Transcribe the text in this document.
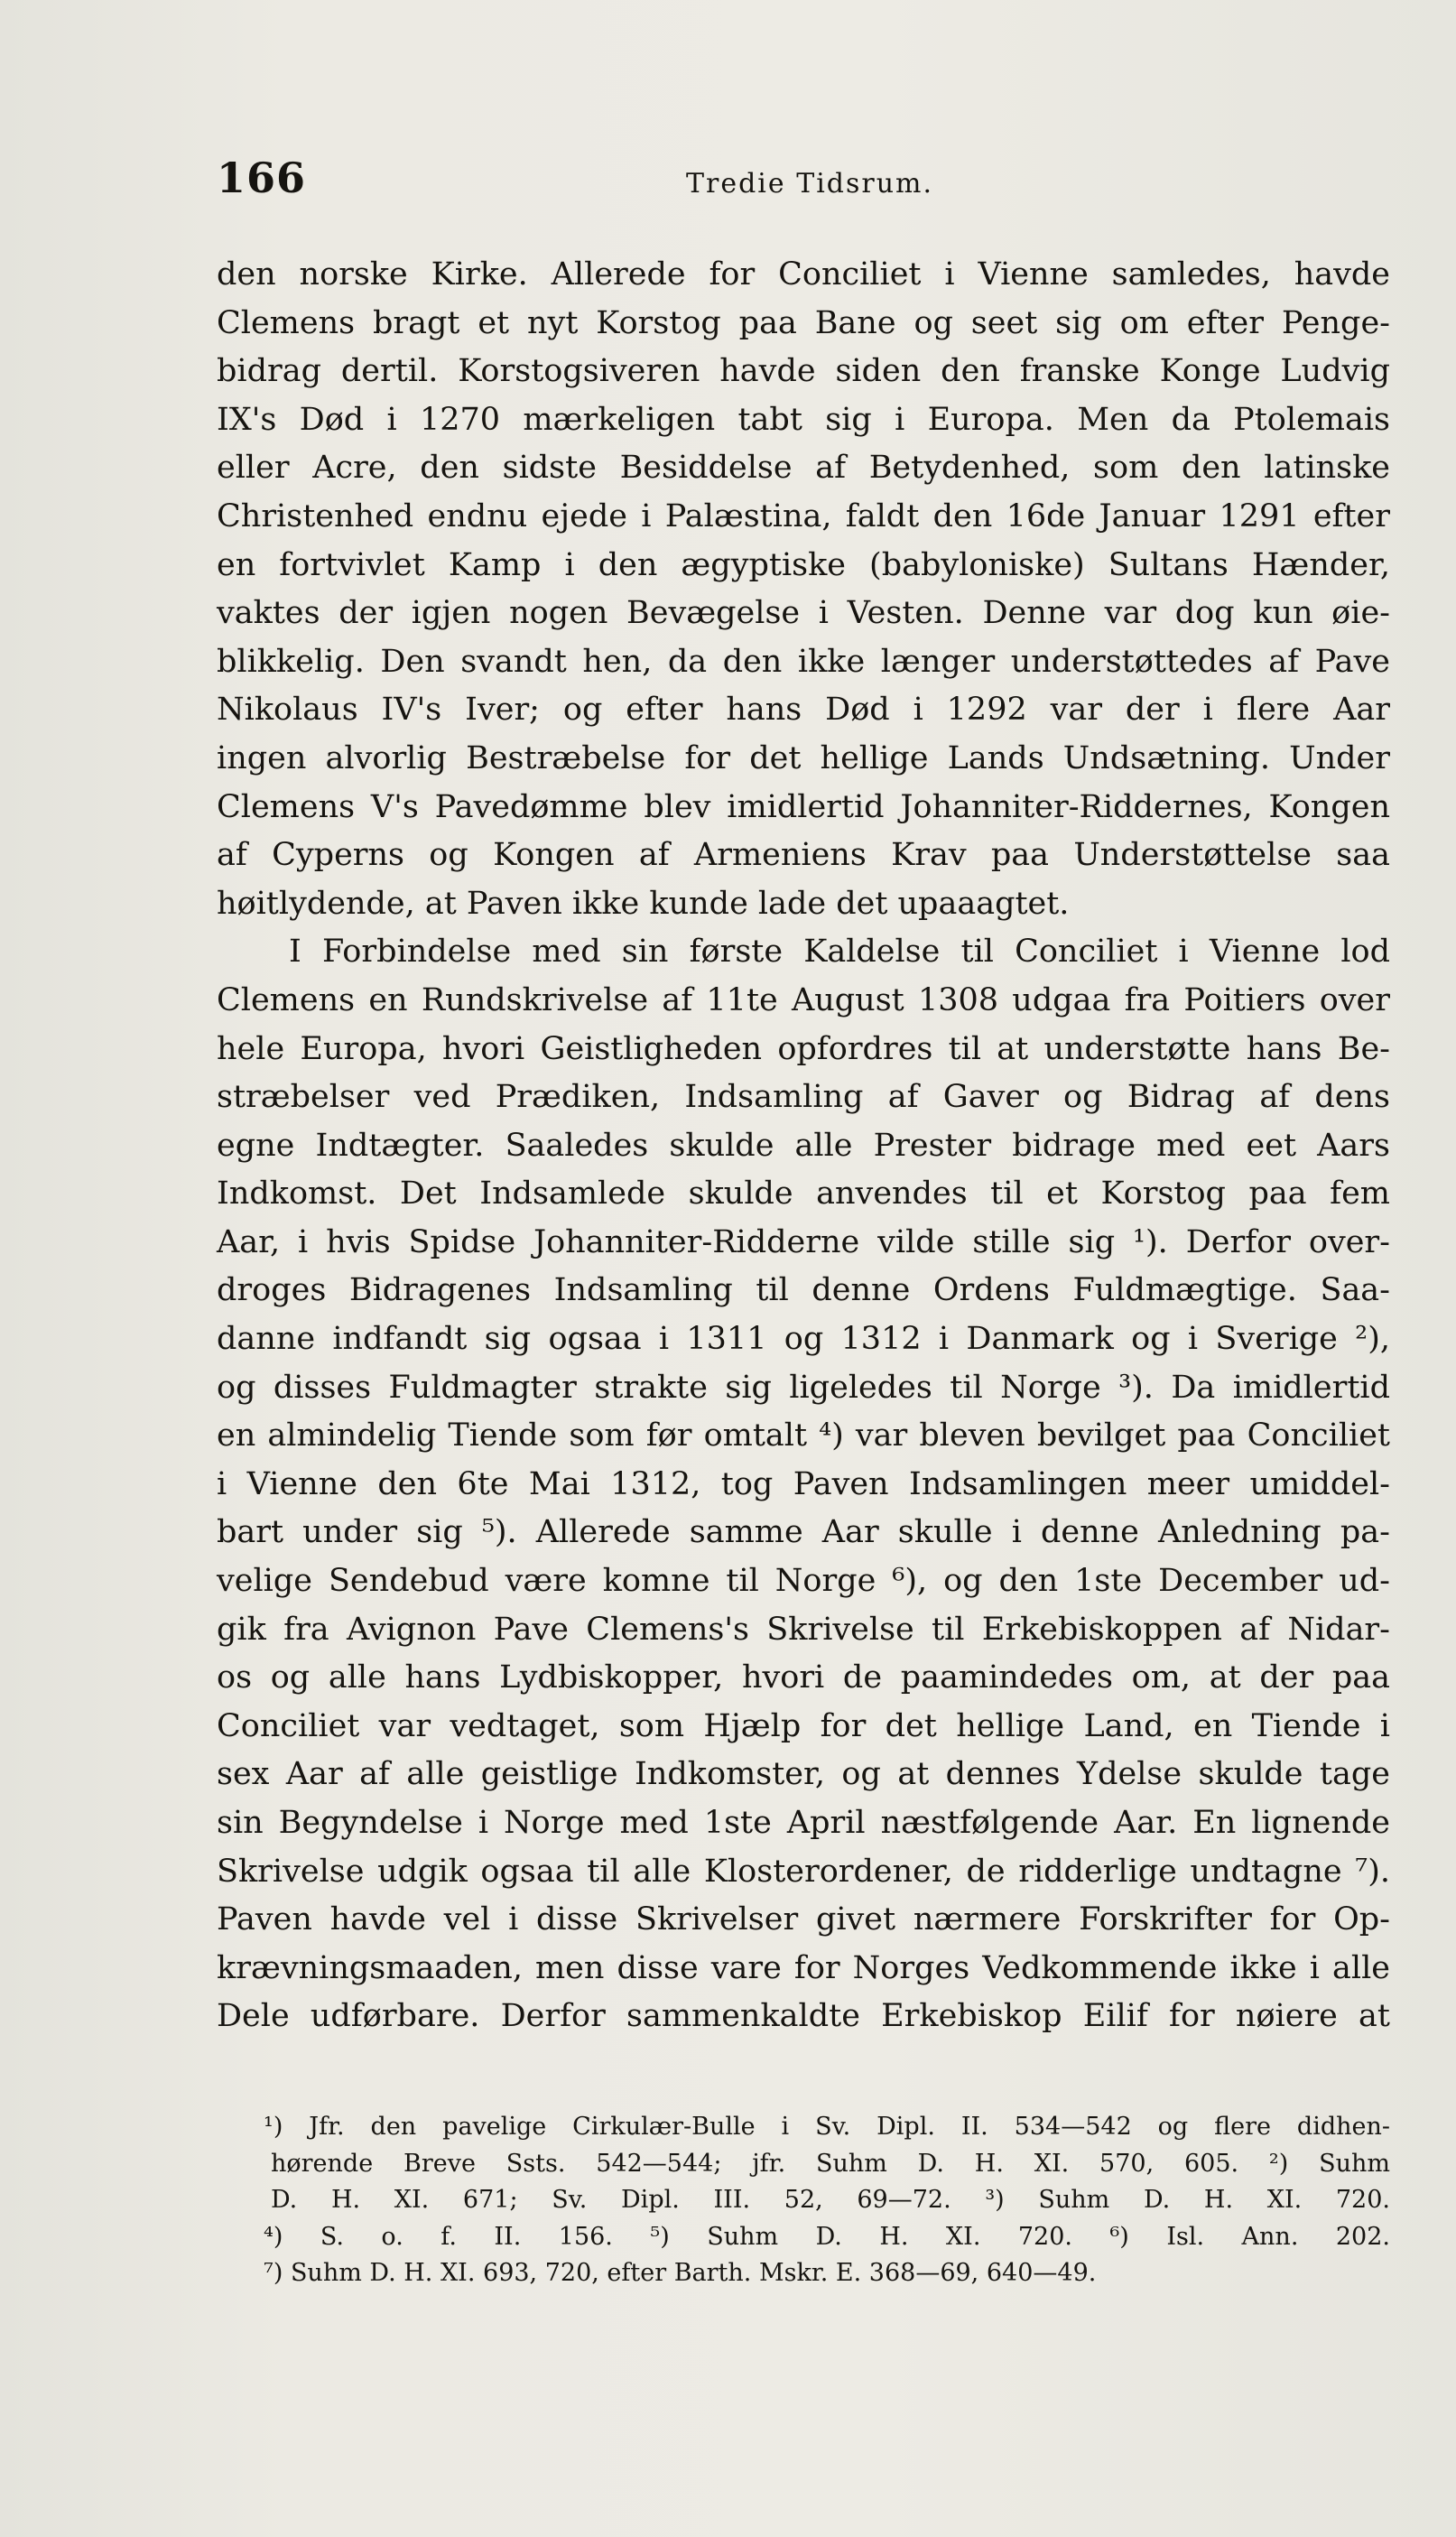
166	Tredie Tidsrum.
den norske Kirke. Allerede for Conciliet i Vienne samledes, havde
Clemens bragt et nyt Korstog paa Bane og seet sig om efter Penge-
bidrag dertil. Korstogsiveren havde siden den franske Konge Ludvig
IX's Død i 1270 mærkeligen tabt sig i Europa. Men da Ptolemais
eller Acre, den sidste Besiddelse af Betydenhed, som den latinske
Christenhed endnu ejede i Palæstina, faldt den 16de Januar 1291 efter
en fortvivlet Kamp i den ægyptiske (babyloniske) Sultans Hænder,
vaktes der igjen nogen Bevægelse i Vesten. Denne var dog kun øie-
blikkelig. Den svandt hen, da den ikke længer understøttedes af Pave
Nikolaus IV's Iver; og efter hans Død i 1292 var der i flere Aar
ingen alvorlig Bestræbelse for det hellige Lands Undsætning. Under
Clemens V's Pavedømme blev imidlertid Johanniter-Riddernes, Kongen
af Cyperns og Kongen af Armeniens Krav paa Understøttelse saa
høitlydende, at Paven ikke kunde lade det upaaagtet.
I Forbindelse med sin første Kaldelse til Conciliet i Vienne lod
Clemens en Rundskrivelse af 11te August 1308 udgaa fra Poitiers over
hele Europa, hvori Geistligheden opfordres til at understøtte hans Be-
stræbelser ved Prædiken, Indsamling af Gaver og Bidrag af dens
egne Indtægter. Saaledes skulde alle Prester bidrage med eet Aars
Indkomst. Det Indsamlede skulde anvendes til et Korstog paa fem
Aar, i hvis Spidse Johanniter-Ridderne vilde stille sig ¹). Derfor over-
droges Bidragenes Indsamling til denne Ordens Fuldmægtige. Saa-
danne indfandt sig ogsaa i 1311 og 1312 i Danmark og i Sverige ²),
og disses Fuldmagter strakte sig ligeledes til Norge ³). Da imidlertid
en almindelig Tiende som før omtalt ⁴) var bleven bevilget paa Conciliet
i Vienne den 6te Mai 1312, tog Paven Indsamlingen meer umiddel-
bart under sig ⁵). Allerede samme Aar skulle i denne Anledning pa-
velige Sendebud være komne til Norge ⁶), og den 1ste December ud-
gik fra Avignon Pave Clemens's Skrivelse til Erkebiskoppen af Nidar-
os og alle hans Lydbiskopper, hvori de paamindedes om, at der paa
Conciliet var vedtaget, som Hjælp for det hellige Land, en Tiende i
sex Aar af alle geistlige Indkomster, og at dennes Ydelse skulde tage
sin Begyndelse i Norge med 1ste April næstfølgende Aar. En lignende
Skrivelse udgik ogsaa til alle Klosterordener, de ridderlige undtagne ⁷).
Paven havde vel i disse Skrivelser givet nærmere Forskrifter for Op-
krævningsmaaden, men disse vare for Norges Vedkommende ikke i alle
Dele udførbare. Derfor sammenkaldte Erkebiskop Eilif for nøiere at
¹) Jfr. den pavelige Cirkulær-Bulle i Sv. Dipl. II. 534—542 og flere didhen-
hørende Breve Ssts. 542—544; jfr. Suhm D. H. XI. 570, 605. ²) Suhm
D. H. XI. 671; Sv. Dipl. III. 52, 69—72. ³) Suhm D. H. XI. 720.
⁴) S. o. f. II. 156. ⁵) Suhm D. H. XI. 720. ⁶) Isl. Ann. 202.
⁷) Suhm D. H. XI. 693, 720, efter Barth. Mskr. E. 368—69, 640—49.
